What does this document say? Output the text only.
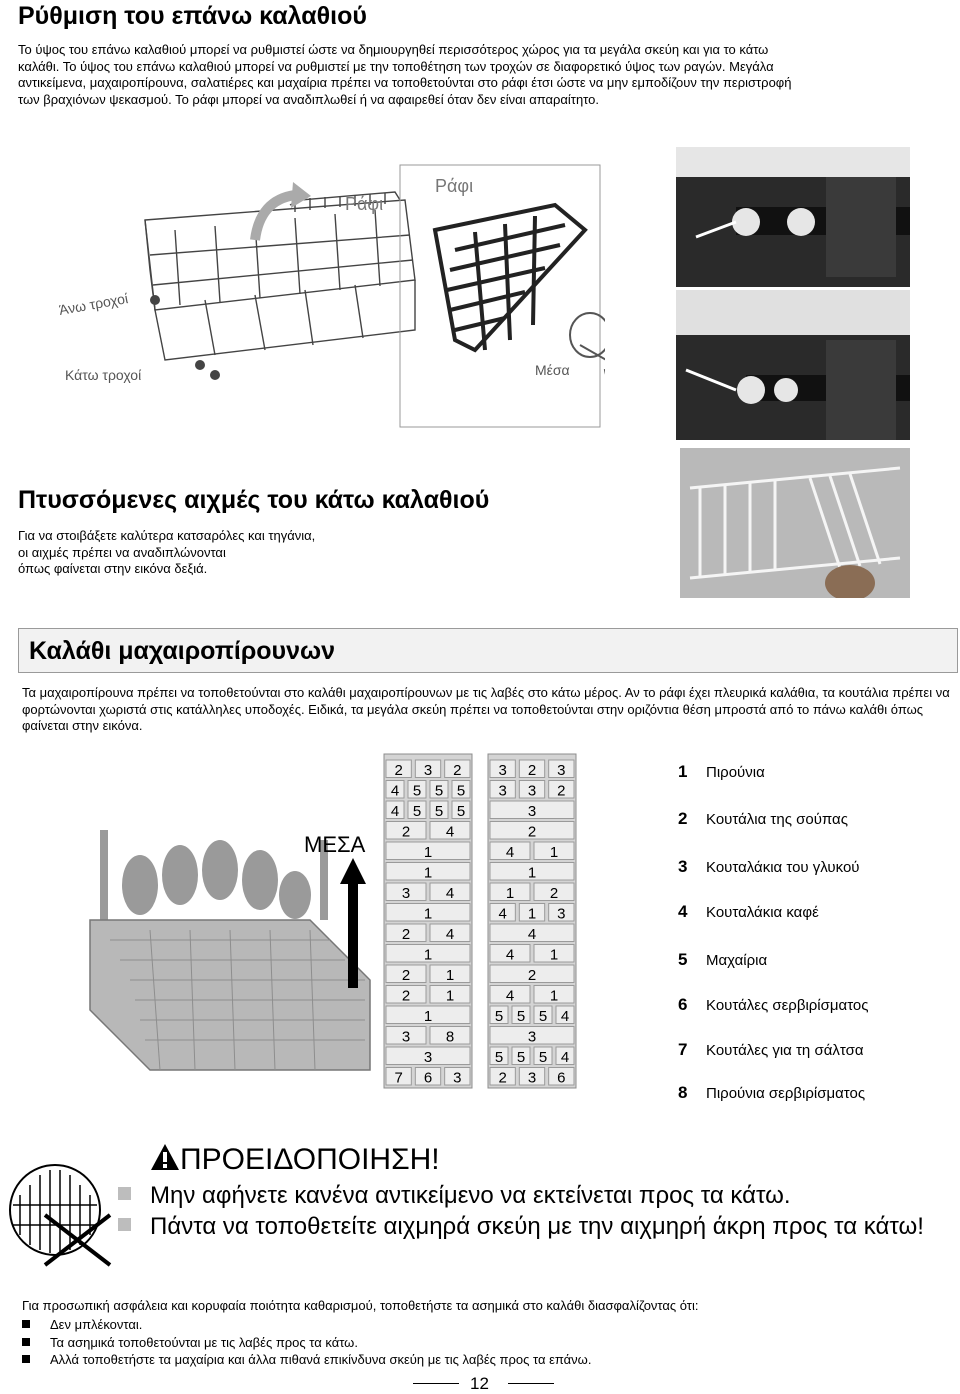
Ρύθμιση του επάνω καλαθιού
Το ύψος του επάνω καλαθιού μπορεί να ρυθμιστεί ώστε να δημιουργηθεί περισσότερος χώρος για τα μεγάλα σκεύη και για το κάτω καλάθι. Το ύψος του επάνω καλαθιού μπορεί να ρυθμιστεί με την τοποθέτηση των τροχών σε διαφορετικό ύψος των ραγών. Μεγάλα αντικείμενα, μαχαιροπίρουνα, σαλατιέρες και μαχαίρια πρέπει να τοποθετούνται στο ράφι έτσι ώστε να μην εμποδίζουν την περιστροφή των βραχιόνων ψεκασμού. Το ράφι μπορεί να αναδιπλωθεί ή να αφαιρεθεί όταν δεν είναι απαραίτητο.
Ράφι
Ράφι
Άνω τροχοί
Κάτω τροχοί	Μέσα
Πτυσσόμενες αιχμές του κάτω καλαθιού
Για να στοιβάξετε καλύτερα κατσαρόλες και τηγάνια,
οι αιχμές πρέπει να αναδιπλώνονται
όπως φαίνεται στην εικόνα δεξιά.
Καλάθι μαχαιροπίρουνων
Τα μαχαιροπίρουνα πρέπει να τοποθετούνται στο καλάθι μαχαιροπίρουνων με τις λαβές στο κάτω μέρος. Αν το ράφι έχει πλευρικά καλάθια, τα κουτάλια πρέπει να φορτώνονται χωριστά στις κατάλληλες υποδοχές. Ειδικά, τα μεγάλα σκεύη πρέπει να τοποθετούνται στην οριζόντια θέση μπροστά από το πάνω καλάθι όπως φαίνεται στην εικόνα.
ΜΕΣΑ
2 3 2
4 5 5 5
4 5 5 5
2 4
1
1
3 4
1
2 4
1
2 1
2 1
1
3 8
3
7 6 3
3 2 3
3 3 2
3
2
4 1
1
1 2
4 1 3
4
4 1
2
4 1
5 5 5 4
3
5 5 5 4
2 3 6
1 Πιρούνια
2 Κουτάλια της σούπας
3 Κουταλάκια του γλυκού
4 Κουταλάκια καφέ
5 Μαχαίρια
6 Κουτάλες σερβιρίσματος
7 Κουτάλες για τη σάλτσα
8 Πιρούνια σερβιρίσματος
ΠΡΟΕΙΔΟΠΟΙΗΣΗ!
Μην αφήνετε κανένα αντικείμενο να εκτείνεται προς τα κάτω.
Πάντα να τοποθετείτε αιχμηρά σκεύη με την αιχμηρή άκρη προς τα κάτω!
Για προσωπική ασφάλεια και κορυφαία ποιότητα καθαρισμού, τοποθετήστε τα ασημικά στο καλάθι διασφαλίζοντας ότι:
Δεν μπλέκονται.
Τα ασημικά τοποθετούνται με τις λαβές προς τα κάτω.
Αλλά τοποθετήστε τα μαχαίρια και άλλα πιθανά επικίνδυνα σκεύη με τις λαβές προς τα επάνω.
12
